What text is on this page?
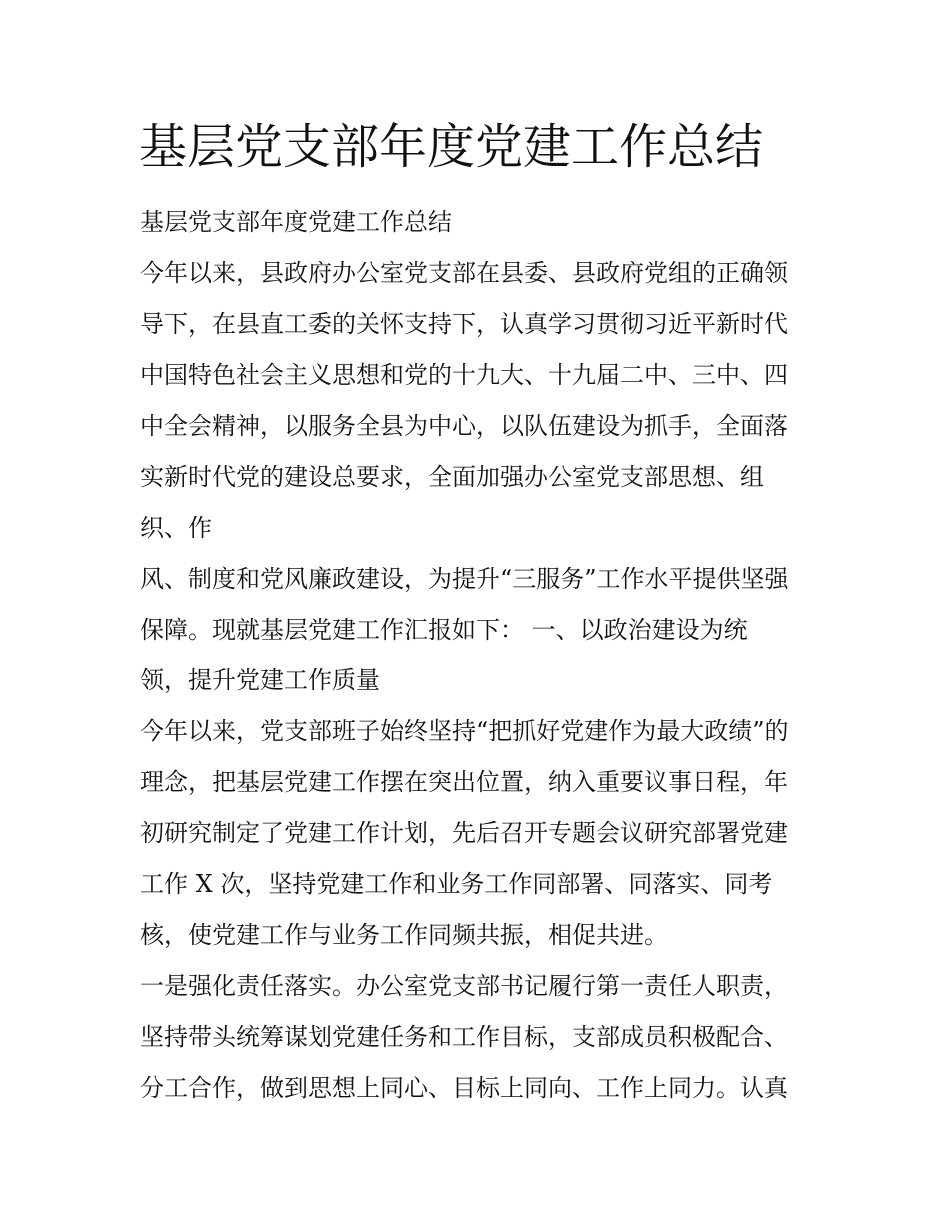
基层党支部年度党建工作总结

基层党支部年度党建工作总结

今年以来，县政府办公室党支部在县委、县政府党组的正确领

导下，在县直工委的关怀支持下，认真学习贯彻习近平新时代

中国特色社会主义思想和党的十九大、十九届二中、三中、四

中全会精神，以服务全县为中心，以队伍建设为抓手，全面落

实新时代党的建设总要求，全面加强办公室党支部思想、组

织、作

风、制度和党风廉政建设，为提升“三服务”工作水平提供坚强

保障。现就基层党建工作汇报如下： 一、以政治建设为统

领，提升党建工作质量

今年以来，党支部班子始终坚持“把抓好党建作为最大政绩”的

理念，把基层党建工作摆在突出位置，纳入重要议事日程，年

初研究制定了党建工作计划，先后召开专题会议研究部署党建

工作 X 次，坚持党建工作和业务工作同部署、同落实、同考

核，使党建工作与业务工作同频共振，相促共进。

一是强化责任落实。办公室党支部书记履行第一责任人职责，

坚持带头统筹谋划党建任务和工作目标，支部成员积极配合、

分工合作，做到思想上同心、目标上同向、工作上同力。认真
